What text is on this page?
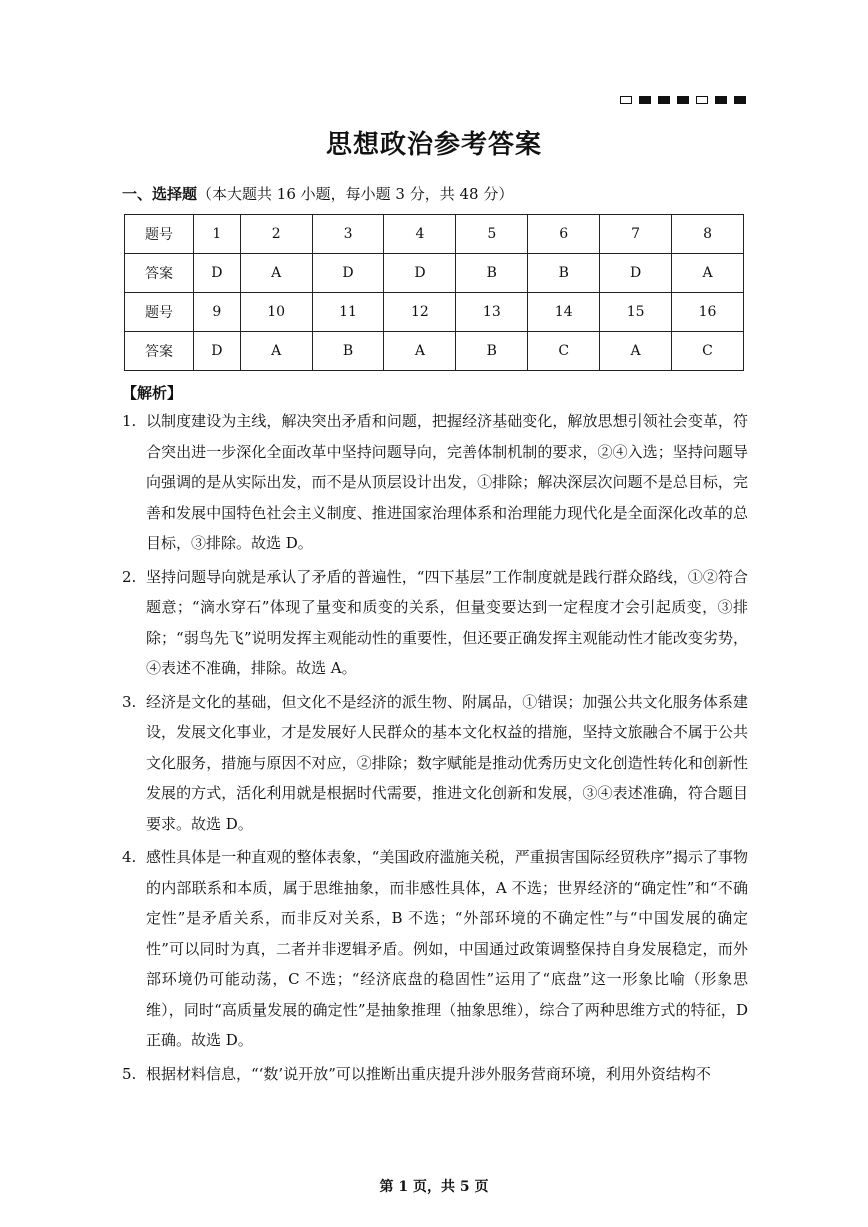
思想政治参考答案
一、选择题（本大题共 16 小题，每小题 3 分，共 48 分）
题号	1	2	3	4	5	6	7	8
答案	D	A	D	D	B	B	D	A
题号	9	10	11	12	13	14	15	16
答案	D	A	B	A	B	C	A	C
【解析】
1. 以制度建设为主线，解决突出矛盾和问题，把握经济基础变化，解放思想引领社会变革，符合突出进一步深化全面改革中坚持问题导向，完善体制机制的要求，②④入选；坚持问题导向强调的是从实际出发，而不是从顶层设计出发，①排除；解决深层次问题不是总目标，完善和发展中国特色社会主义制度、推进国家治理体系和治理能力现代化是全面深化改革的总目标，③排除。故选 D。
2. 坚持问题导向就是承认了矛盾的普遍性，“四下基层”工作制度就是践行群众路线，①②符合题意；“滴水穿石”体现了量变和质变的关系，但量变要达到一定程度才会引起质变，③排除；“弱鸟先飞”说明发挥主观能动性的重要性，但还要正确发挥主观能动性才能改变劣势，④表述不准确，排除。故选 A。
3. 经济是文化的基础，但文化不是经济的派生物、附属品，①错误；加强公共文化服务体系建设，发展文化事业，才是发展好人民群众的基本文化权益的措施，坚持文旅融合不属于公共文化服务，措施与原因不对应，②排除；数字赋能是推动优秀历史文化创造性转化和创新性发展的方式，活化利用就是根据时代需要，推进文化创新和发展，③④表述准确，符合题目要求。故选 D。
4. 感性具体是一种直观的整体表象，“美国政府滥施关税，严重损害国际经贸秩序”揭示了事物的内部联系和本质，属于思维抽象，而非感性具体，A 不选；世界经济的“确定性”和“不确定性”是矛盾关系，而非反对关系，B 不选；“外部环境的不确定性”与“中国发展的确定性”可以同时为真，二者并非逻辑矛盾。例如，中国通过政策调整保持自身发展稳定，而外部环境仍可能动荡，C 不选；“经济底盘的稳固性”运用了“底盘”这一形象比喻（形象思维），同时“高质量发展的确定性”是抽象推理（抽象思维），综合了两种思维方式的特征，D 正确。故选 D。
5. 根据材料信息，“‘数’说开放”可以推断出重庆提升涉外服务营商环境，利用外资结构不
第 1 页，共 5 页
